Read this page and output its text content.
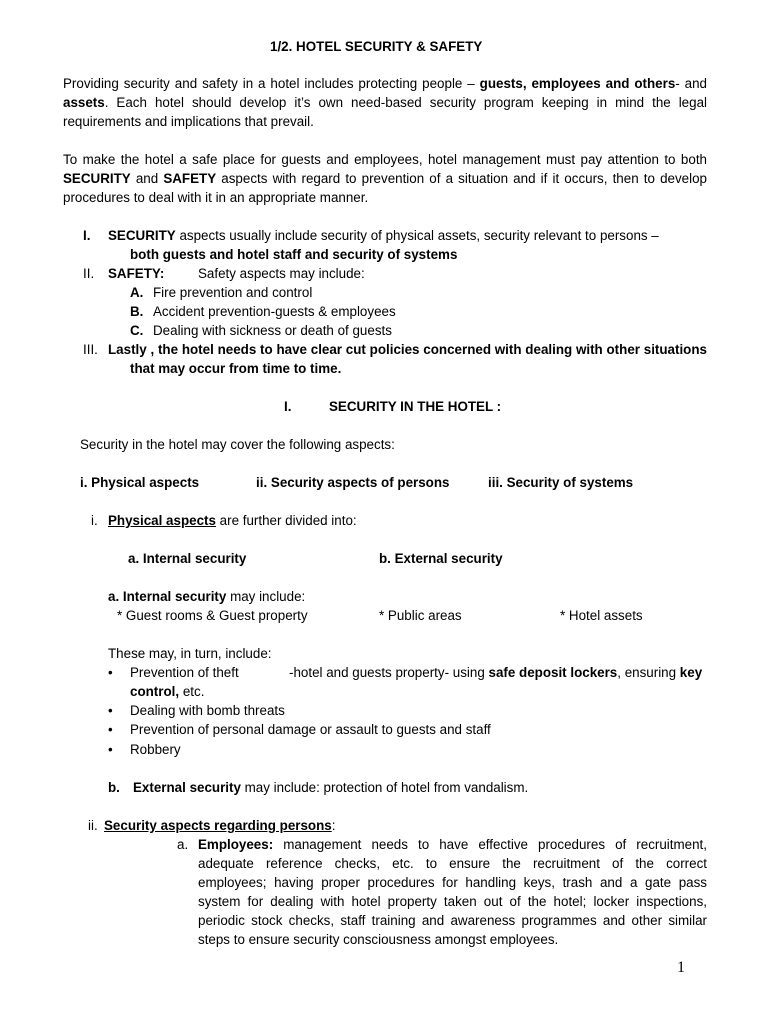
1/2. HOTEL SECURITY & SAFETY
Providing security and safety in a hotel includes protecting people – guests, employees and others- and
assets. Each hotel should develop it’s own need-based security program keeping in mind the legal
requirements and implications that prevail.
To make the hotel a safe place for guests and employees, hotel management must pay attention to both
SECURITY and SAFETY aspects with regard to prevention of a situation and if it occurs, then to develop
procedures to deal with it in an appropriate manner.
I. SECURITY aspects usually include security of physical assets, security relevant to persons –
both guests and hotel staff and security of systems
II. SAFETY:	Safety aspects may include:
A. Fire prevention and control
B. Accident prevention-guests & employees
C. Dealing with sickness or death of guests
III. Lastly , the hotel needs to have clear cut policies concerned with dealing with other situations
that may occur from time to time.
I.	SECURITY IN THE HOTEL :
Security in the hotel may cover the following aspects:
i. Physical aspects	ii. Security aspects of persons	iii. Security of systems
i. Physical aspects are further divided into:
a. Internal security	b. External security
a. Internal security may include:
* Guest rooms & Guest property	* Public areas	* Hotel assets
These may, in turn, include:
• Prevention of theft	-hotel and guests property- using safe deposit lockers, ensuring key
control, etc.
• Dealing with bomb threats
• Prevention of personal damage or assault to guests and staff
• Robbery
b. External security may include: protection of hotel from vandalism.
ii. Security aspects regarding persons:
a. Employees: management needs to have effective procedures of recruitment,
adequate reference checks, etc. to ensure the recruitment of the correct
employees; having proper procedures for handling keys, trash and a gate pass
system for dealing with hotel property taken out of the hotel; locker inspections,
periodic stock checks, staff training and awareness programmes and other similar
steps to ensure security consciousness amongst employees.
1
